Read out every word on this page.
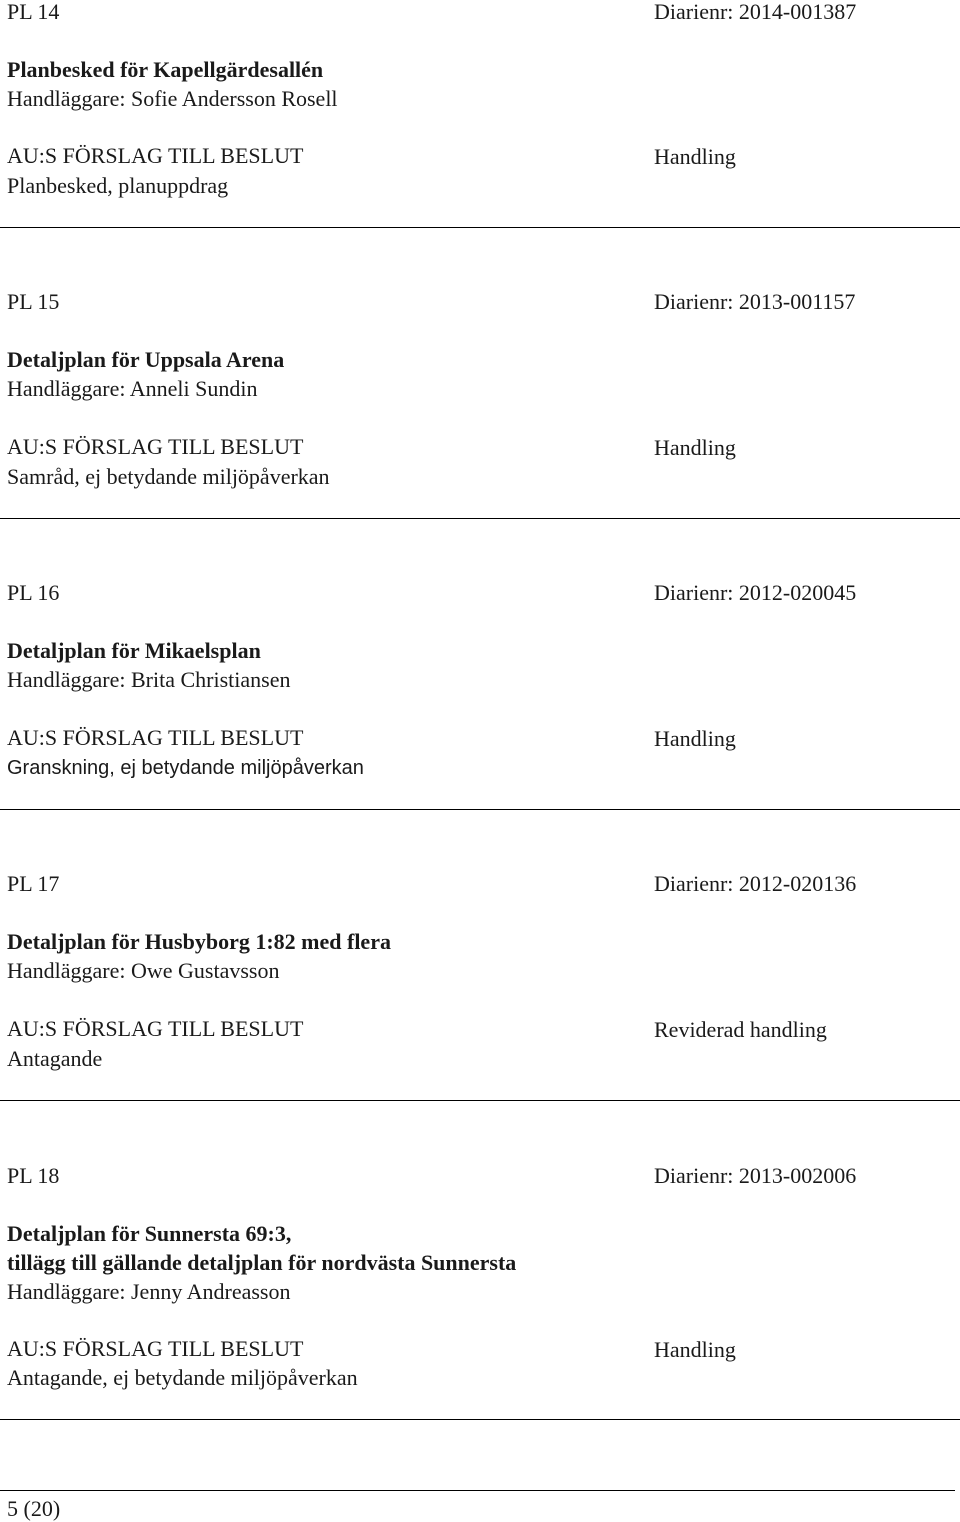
PL 14	Diarienr: 2014-001387
Planbesked för Kapellgärdesallén
Handläggare: Sofie Andersson Rosell
AU:S FÖRSLAG TILL BESLUT	Handling
Planbesked, planuppdrag
PL 15	Diarienr: 2013-001157
Detaljplan för Uppsala Arena
Handläggare: Anneli Sundin
AU:S FÖRSLAG TILL BESLUT	Handling
Samråd, ej betydande miljöpåverkan
PL 16	Diarienr: 2012-020045
Detaljplan för Mikaelsplan
Handläggare: Brita Christiansen
AU:S FÖRSLAG TILL BESLUT	Handling
Granskning, ej betydande miljöpåverkan
PL 17	Diarienr: 2012-020136
Detaljplan för Husbyborg 1:82 med flera
Handläggare: Owe Gustavsson
AU:S FÖRSLAG TILL BESLUT	Reviderad handling
Antagande
PL 18	Diarienr: 2013-002006
Detaljplan för Sunnersta 69:3,
tillägg till gällande detaljplan för nordvästa Sunnersta
Handläggare: Jenny Andreasson
AU:S FÖRSLAG TILL BESLUT	Handling
Antagande, ej betydande miljöpåverkan
5 (20)
